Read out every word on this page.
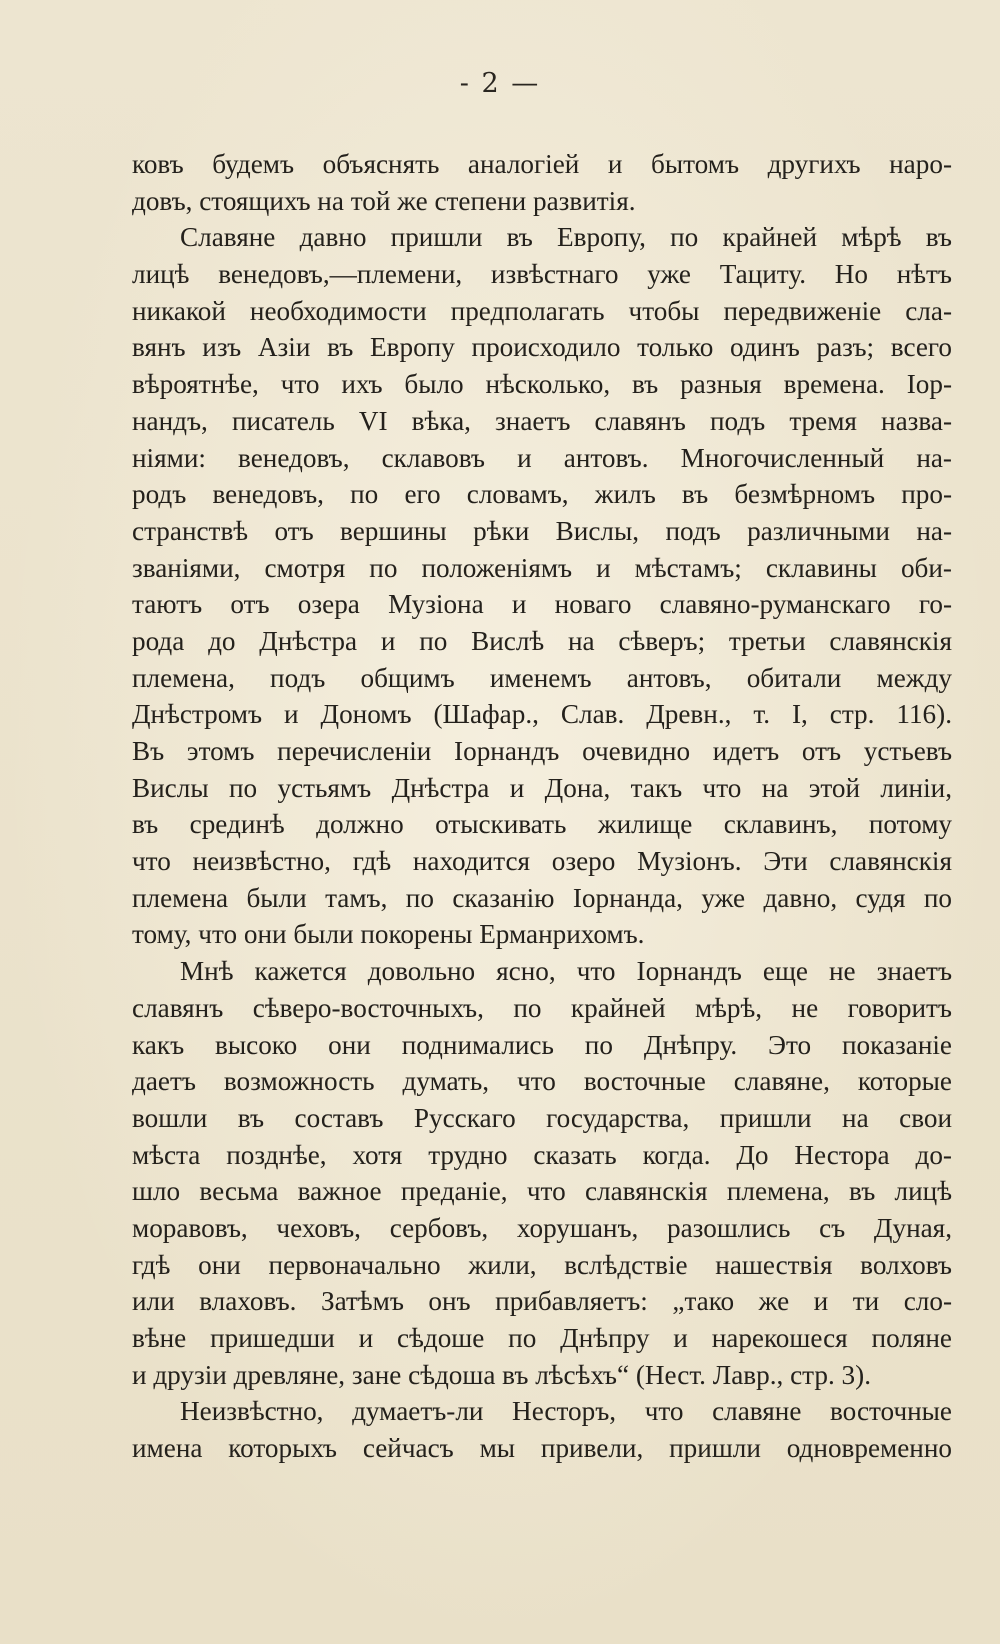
- 2 —
ковъ будемъ объяснять аналогіей и бытомъ другихъ наро-
довъ, стоящихъ на той же степени развитія.
Славяне давно пришли въ Европу, по крайней мѣрѣ въ
лицѣ венедовъ,—племени, извѣстнаго уже Тациту. Но нѣтъ
никакой необходимости предполагать чтобы передвиженіе сла-
вянъ изъ Азіи въ Европу происходило только одинъ разъ; всего
вѣроятнѣе, что ихъ было нѣсколько, въ разныя времена. Іор-
нандъ, писатель VI вѣка, знаетъ славянъ подъ тремя назва-
ніями: венедовъ, склавовъ и антовъ. Многочисленный на-
родъ венедовъ, по его словамъ, жилъ въ безмѣрномъ про-
странствѣ отъ вершины рѣки Вислы, подъ различными на-
званіями, смотря по положеніямъ и мѣстамъ; склавины оби-
таютъ отъ озера Музіона и новаго славяно-руманскаго го-
рода до Днѣстра и по Вислѣ на сѣверъ; третьи славянскія
племена, подъ общимъ именемъ антовъ, обитали между
Днѣстромъ и Дономъ (Шафар., Слав. Древн., т. I, стр. 116).
Въ этомъ перечисленіи Іорнандъ очевидно идетъ отъ устьевъ
Вислы по устьямъ Днѣстра и Дона, такъ что на этой линіи,
въ срединѣ должно отыскивать жилище склавинъ, потому
что неизвѣстно, гдѣ находится озеро Музіонъ. Эти славянскія
племена были тамъ, по сказанію Іорнанда, уже давно, судя по
тому, что они были покорены Ерманрихомъ.
Мнѣ кажется довольно ясно, что Іорнандъ еще не знаетъ
славянъ сѣверо-восточныхъ, по крайней мѣрѣ, не говоритъ
какъ высоко они поднимались по Днѣпру. Это показаніе
даетъ возможность думать, что восточные славяне, которые
вошли въ составъ Русскаго государства, пришли на свои
мѣста позднѣе, хотя трудно сказать когда. До Нестора до-
шло весьма важное преданіе, что славянскія племена, въ лицѣ
моравовъ, чеховъ, сербовъ, хорушанъ, разошлись съ Дуная,
гдѣ они первоначально жили, вслѣдствіе нашествія волховъ
или влаховъ. Затѣмъ онъ прибавляетъ: „тако же и ти сло-
вѣне пришедши и сѣдоше по Днѣпру и нарекошеся поляне
и друзіи древляне, зане сѣдоша въ лѣсѣхъ“ (Нест. Лавр., стр. 3).
Неизвѣстно, думаетъ-ли Несторъ, что славяне восточные
имена которыхъ сейчасъ мы привели, пришли одновременно
